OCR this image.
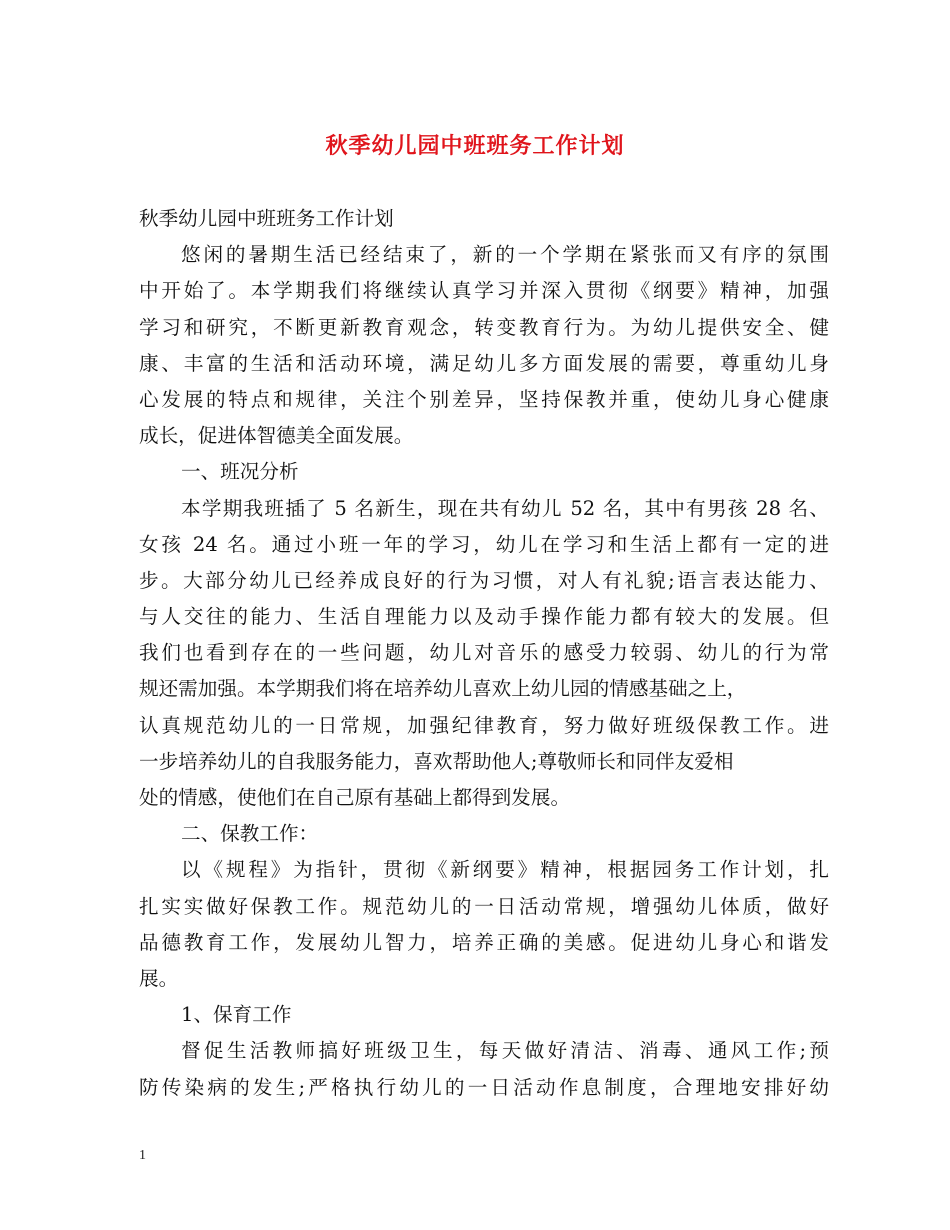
秋季幼儿园中班班务工作计划
秋季幼儿园中班班务工作计划
悠闲的暑期生活已经结束了，新的一个学期在紧张而又有序的氛围
中开始了。本学期我们将继续认真学习并深入贯彻《纲要》精神，加强
学习和研究，不断更新教育观念，转变教育行为。为幼儿提供安全、健
康、丰富的生活和活动环境，满足幼儿多方面发展的需要，尊重幼儿身
心发展的特点和规律，关注个别差异，坚持保教并重，使幼儿身心健康
成长，促进体智德美全面发展。
一、班况分析
本学期我班插了 5 名新生，现在共有幼儿 52 名，其中有男孩 28 名、
女孩 24 名。通过小班一年的学习，幼儿在学习和生活上都有一定的进
步。大部分幼儿已经养成良好的行为习惯，对人有礼貌;语言表达能力、
与人交往的能力、生活自理能力以及动手操作能力都有较大的发展。但
我们也看到存在的一些问题，幼儿对音乐的感受力较弱、幼儿的行为常
规还需加强。本学期我们将在培养幼儿喜欢上幼儿园的情感基础之上，
认真规范幼儿的一日常规，加强纪律教育，努力做好班级保教工作。进
一步培养幼儿的自我服务能力，喜欢帮助他人;尊敬师长和同伴友爱相
处的情感，使他们在自己原有基础上都得到发展。
二、保教工作：
以《规程》为指针，贯彻《新纲要》精神，根据园务工作计划，扎
扎实实做好保教工作。规范幼儿的一日活动常规，增强幼儿体质，做好
品德教育工作，发展幼儿智力，培养正确的美感。促进幼儿身心和谐发
展。
1、保育工作
督促生活教师搞好班级卫生，每天做好清洁、消毒、通风工作;预
防传染病的发生;严格执行幼儿的一日活动作息制度，合理地安排好幼
1
